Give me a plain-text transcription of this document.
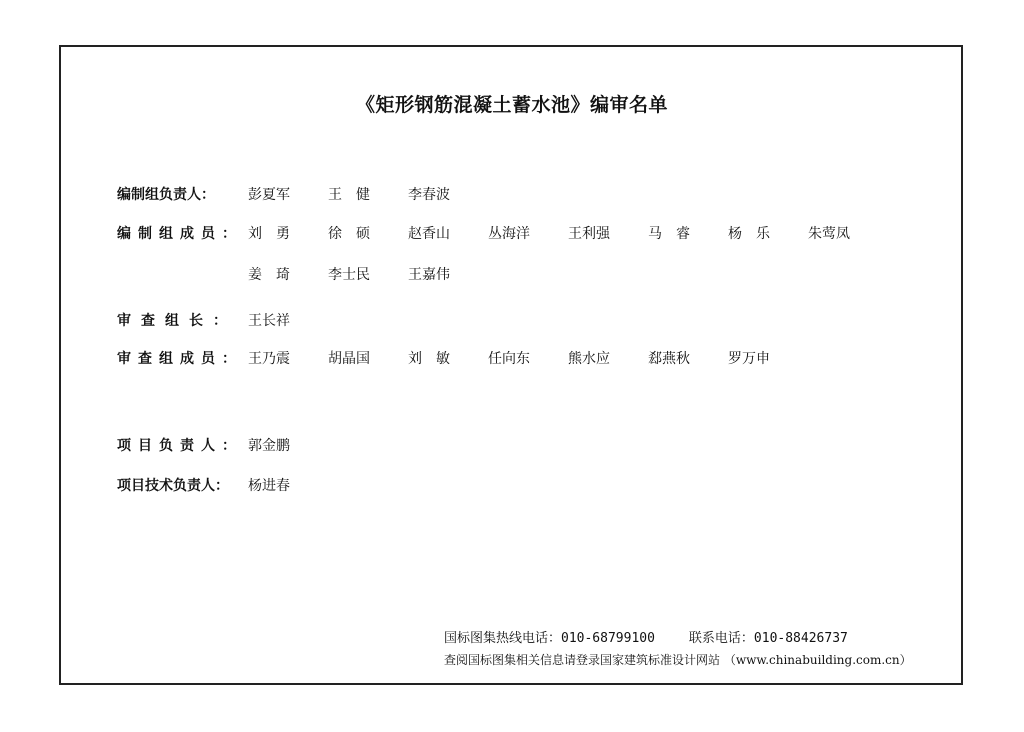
《矩形钢筋混凝土蓄水池》编审名单
编制组负责人：	彭夏军	王　健	李春波
编制组成员： 刘　勇	徐　硕	赵香山	丛海洋	王利强	马　睿	杨　乐	朱莺凤
姜　琦	李士民	王嘉伟
审查组长： 王长祥
审查组成员： 王乃震	胡晶国	刘　敏	任向东	熊水应	郄燕秋	罗万申
项目负责人： 郭金鹏
项目技术负责人：	杨进春
国标图集热线电话：010-68799100	联系电话：010-88426737
查阅国标图集相关信息请登录国家建筑标准设计网站 （www.chinabuilding.com.cn）
